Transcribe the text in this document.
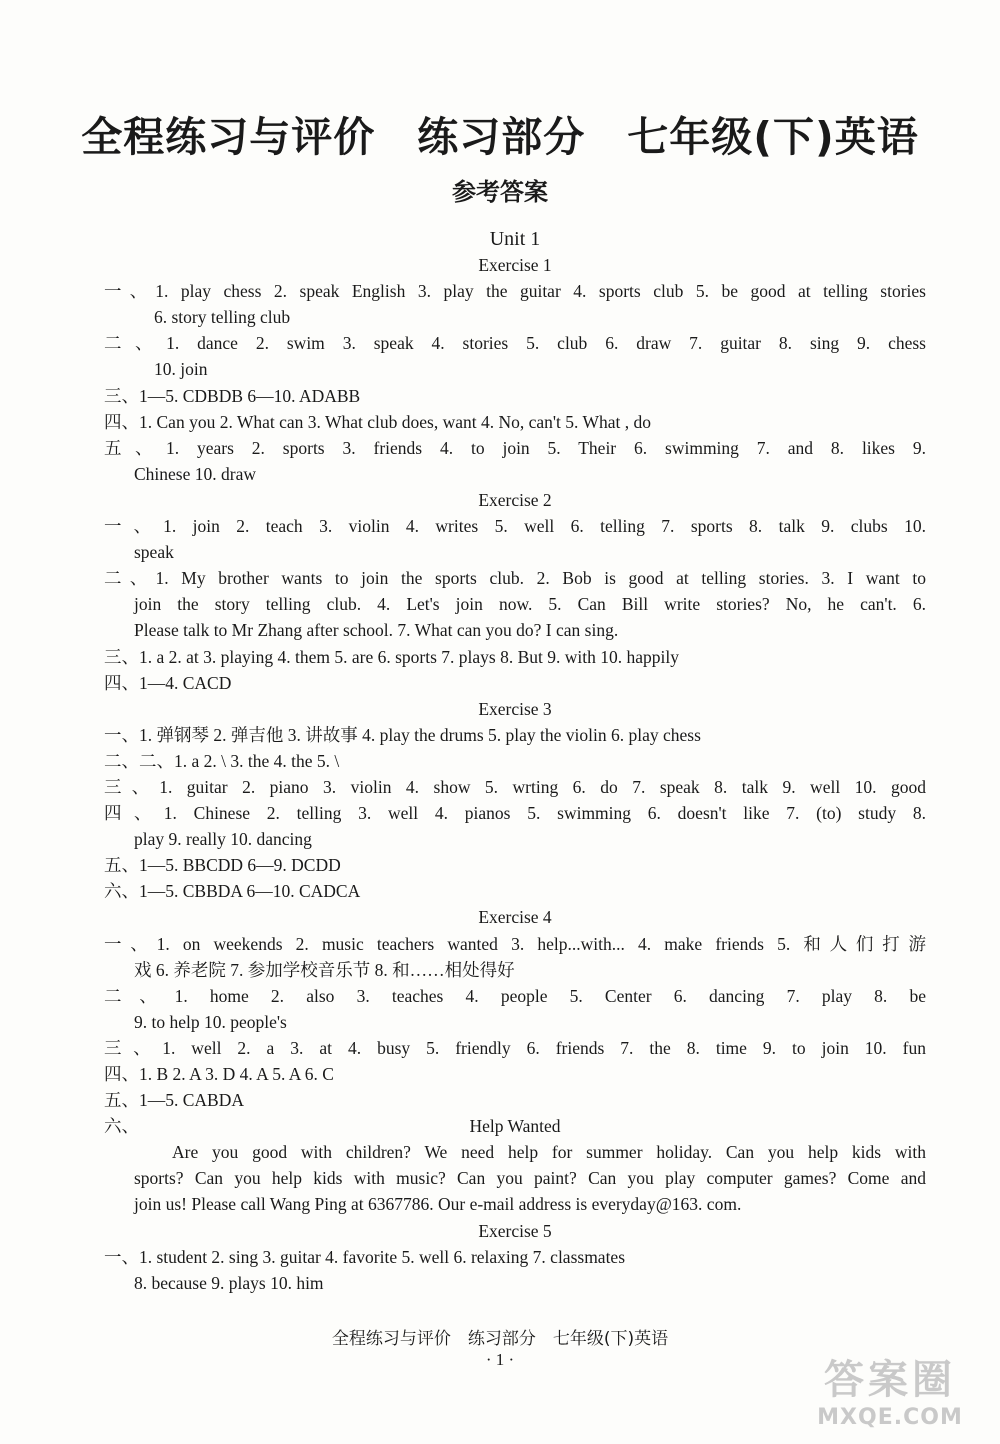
全程练习与评价　练习部分　七年级(下)英语
参考答案
Unit 1
Exercise 1
一、1. play chess 2. speak English 3. play the guitar 4. sports club 5. be good at telling stories
6. story telling club
二、1. dance 2. swim 3. speak 4. stories 5. club 6. draw 7. guitar 8. sing 9. chess
10. join
三、1—5. CDBDB 6—10. ADABB
四、1. Can you 2. What can 3. What club does, want 4. No, can't 5. What , do
五、1. years 2. sports 3. friends 4. to join 5. Their 6. swimming 7. and 8. likes 9.
Chinese 10. draw
Exercise 2
一、1. join 2. teach 3. violin 4. writes 5. well 6. telling 7. sports 8. talk 9. clubs 10.
speak
二、1. My brother wants to join the sports club. 2. Bob is good at telling stories. 3. I want to
join the story telling club. 4. Let's join now. 5. Can Bill write stories? No, he can't. 6.
Please talk to Mr Zhang after school. 7. What can you do? I can sing.
三、1. a 2. at 3. playing 4. them 5. are 6. sports 7. plays 8. But 9. with 10. happily
四、1—4. CACD
Exercise 3
一、1. 弹钢琴 2. 弹吉他 3. 讲故事 4. play the drums 5. play the violin 6. play chess
二、二、1. a 2. \ 3. the 4. the 5. \
三、1. guitar 2. piano 3. violin 4. show 5. wrting 6. do 7. speak 8. talk 9. well 10. good
四、1. Chinese 2. telling 3. well 4. pianos 5. swimming 6. doesn't like 7. (to) study 8.
play 9. really 10. dancing
五、1—5. BBCDD 6—9. DCDD
六、1—5. CBBDA 6—10. CADCA
Exercise 4
一、1. on weekends 2. music teachers wanted 3. help...with... 4. make friends 5. 和人们打游
戏 6. 养老院 7. 参加学校音乐节 8. 和……相处得好
二、1. home 2. also 3. teaches 4. people 5. Center 6. dancing 7. play 8. be
9. to help 10. people's
三、1. well 2. a 3. at 4. busy 5. friendly 6. friends 7. the 8. time 9. to join 10. fun
四、1. B 2. A 3. D 4. A 5. A 6. C
五、1—5. CABDA
六、	Help Wanted
Are you good with children? We need help for summer holiday. Can you help kids with
sports? Can you help kids with music? Can you paint? Can you play computer games? Come and
join us! Please call Wang Ping at 6367786. Our e-mail address is everyday@163. com.
Exercise 5
一、1. student 2. sing 3. guitar 4. favorite 5. well 6. relaxing 7. classmates
8. because 9. plays 10. him
全程练习与评价　练习部分　七年级(下)英语
· 1 ·	答案圈
MXQE.COM
